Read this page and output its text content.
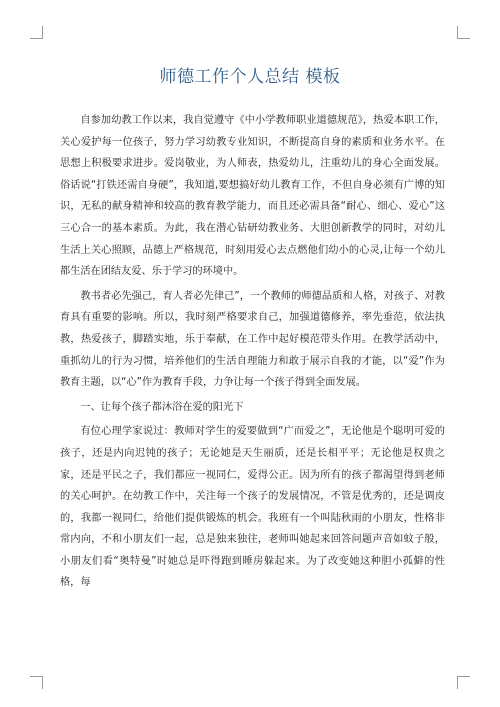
师德工作个人总结 模板

自参加幼教工作以来，我自觉遵守《中小学教师职业道德规范》，热爱本职工作，关心爱护每一位孩子，努力学习幼教专业知识，不断提高自身的素质和业务水平。在思想上积极要求进步。爱岗敬业，为人师表，热爱幼儿，注重幼儿的身心全面发展。俗话说“打铁还需自身硬”，我知道,要想搞好幼儿教育工作，不但自身必须有广博的知识，无私的献身精神和较高的教育教学能力，而且还必需具备“耐心、细心、爱心”这三心合一的基本素质。为此，我在潜心钻研幼教业务、大胆创新教学的同时，对幼儿生活上关心照顾，品德上严格规范，时刻用爱心去点燃他们幼小的心灵,让每一个幼儿都生活在团结友爱、乐于学习的环境中。

教书者必先强己，育人者必先律己”，一个教师的师德品质和人格，对孩子、对教育具有重要的影响。所以，我时刻严格要求自己，加强道德修养，率先垂范，依法执教，热爱孩子，脚踏实地，乐于奉献，在工作中起好模范带头作用。在教学活动中，重抓幼儿的行为习惯，培养他们的生活自理能力和敢于展示自我的才能，以“爱”作为教育主题，以“心”作为教育手段，力争让每一个孩子得到全面发展。

一、让每个孩子都沐浴在爱的阳光下

有位心理学家说过：教师对学生的爱要做到“广而爱之”，无论他是个聪明可爱的孩子，还是内向迟钝的孩子；无论她是天生丽质，还是长相平平；无论他是权贵之家，还是平民之子，我们都应一视同仁，爱得公正。因为所有的孩子都渴望得到老师的关心呵护。在幼教工作中，关注每一个孩子的发展情况，不管是优秀的，还是调皮的，我都一视同仁，给他们提供锻炼的机会。我班有一个叫陆秋雨的小朋友，性格非常内向，不和小朋友们一起，总是独来独往，老师叫她起来回答问题声音如蚊子般，小朋友们看“奥特曼”时她总是吓得跑到睡房躲起来。为了改变她这种胆小孤僻的性格，每
